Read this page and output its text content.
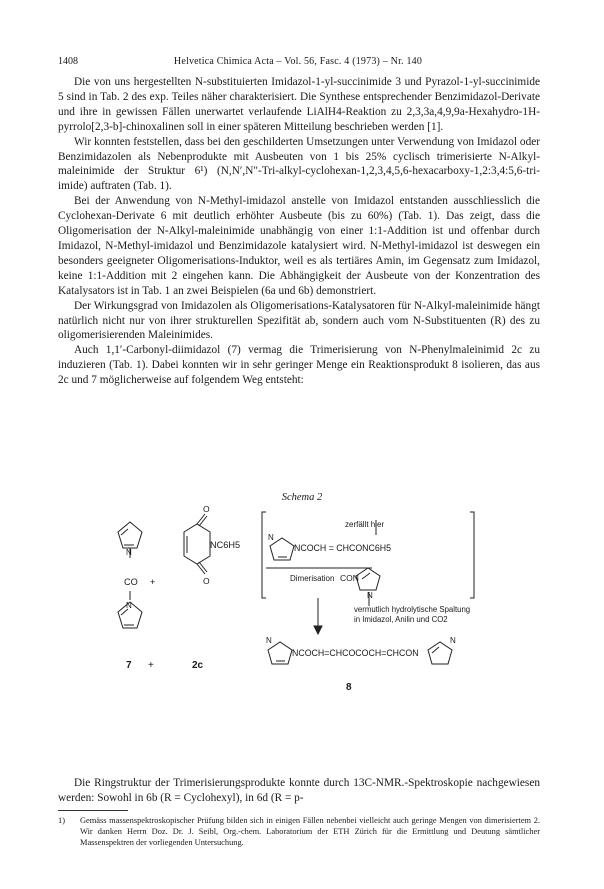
1408	Helvetica Chimica Acta – Vol. 56, Fasc. 4 (1973) – Nr. 140

Die von uns hergestellten N-substituierten Imidazol-1-yl-succinimide 3 und Pyrazol-1-yl-succinimide 5 sind in Tab. 2 des exp. Teiles näher charakterisiert. Die Synthese entsprechender Benzimidazol-Derivate und ihre in gewissen Fällen unerwartet verlaufende LiAlH4-Reaktion zu 2,3,3a,4,9,9a-Hexahydro-1H-pyrrolo[2,3-b]-chinoxalinen soll in einer späteren Mitteilung beschrieben werden [1].

Wir konnten feststellen, dass bei den geschilderten Umsetzungen unter Verwendung von Imidazol oder Benzimidazolen als Nebenprodukte mit Ausbeuten von 1 bis 25% cyclisch trimerisierte N-Alkyl-maleinimide der Struktur 6¹) (N,N′,N″-Tri-alkyl-cyclohexan-1,2,3,4,5,6-hexacarboxy-1,2:3,4:5,6-tri-imide) auftraten (Tab. 1).

Bei der Anwendung von N-Methyl-imidazol anstelle von Imidazol entstanden ausschliesslich die Cyclohexan-Derivate 6 mit deutlich erhöhter Ausbeute (bis zu 60%) (Tab. 1). Das zeigt, dass die Oligomerisation der N-Alkyl-maleinimide unabhängig von einer 1:1-Addition ist und offenbar durch Imidazol, N-Methyl-imidazol und Benzimidazole katalysiert wird. N-Methyl-imidazol ist deswegen ein besonders geeigneter Oligomerisations-Induktor, weil es als tertiäres Amin, im Gegensatz zum Imidazol, keine 1:1-Addition mit 2 eingehen kann. Die Abhängigkeit der Ausbeute von der Konzentration des Katalysators ist in Tab. 1 an zwei Beispielen (6a und 6b) demonstriert.

Der Wirkungsgrad von Imidazolen als Oligomerisations-Katalysatoren für N-Alkyl-maleinimide hängt natürlich nicht nur von ihrer strukturellen Spezifität ab, sondern auch vom N-Substituenten (R) des zu oligomerisierenden Maleinimides.

Auch 1,1′-Carbonyl-diimidazol (7) vermag die Trimerisierung von N-Phenylmaleinimid 2c zu induzieren (Tab. 1). Dabei konnten wir in sehr geringer Menge ein Reaktionsprodukt 8 isolieren, das aus 2c und 7 möglicherweise auf folgendem Weg entsteht:

Schema 2
CO +
N
N
O
O
NC6H5
N
zerfällt hier
NCOCH = CHCONC6H5
Dimerisation CON
N
vermutlich hydrolytische Spaltung
in Imidazol, Anilin und CO2
N
NCOCH=CHCOCOCH=CHCON
N
7 +	2c
8

Die Ringstruktur der Trimerisierungsprodukte konnte durch 13C-NMR.-Spektroskopie nachgewiesen werden: Sowohl in 6b (R = Cyclohexyl), in 6d (R = p-

1) Gemäss massenspektroskopischer Prüfung bilden sich in einigen Fällen nebenbei vielleicht auch geringe Mengen von dimerisiertem 2. Wir danken Herrn Doz. Dr. J. Seibl, Org.-chem. Laboratorium der ETH Zürich für die Ermittlung und Deutung sämtlicher Massenspektren der vorliegenden Untersuchung.
